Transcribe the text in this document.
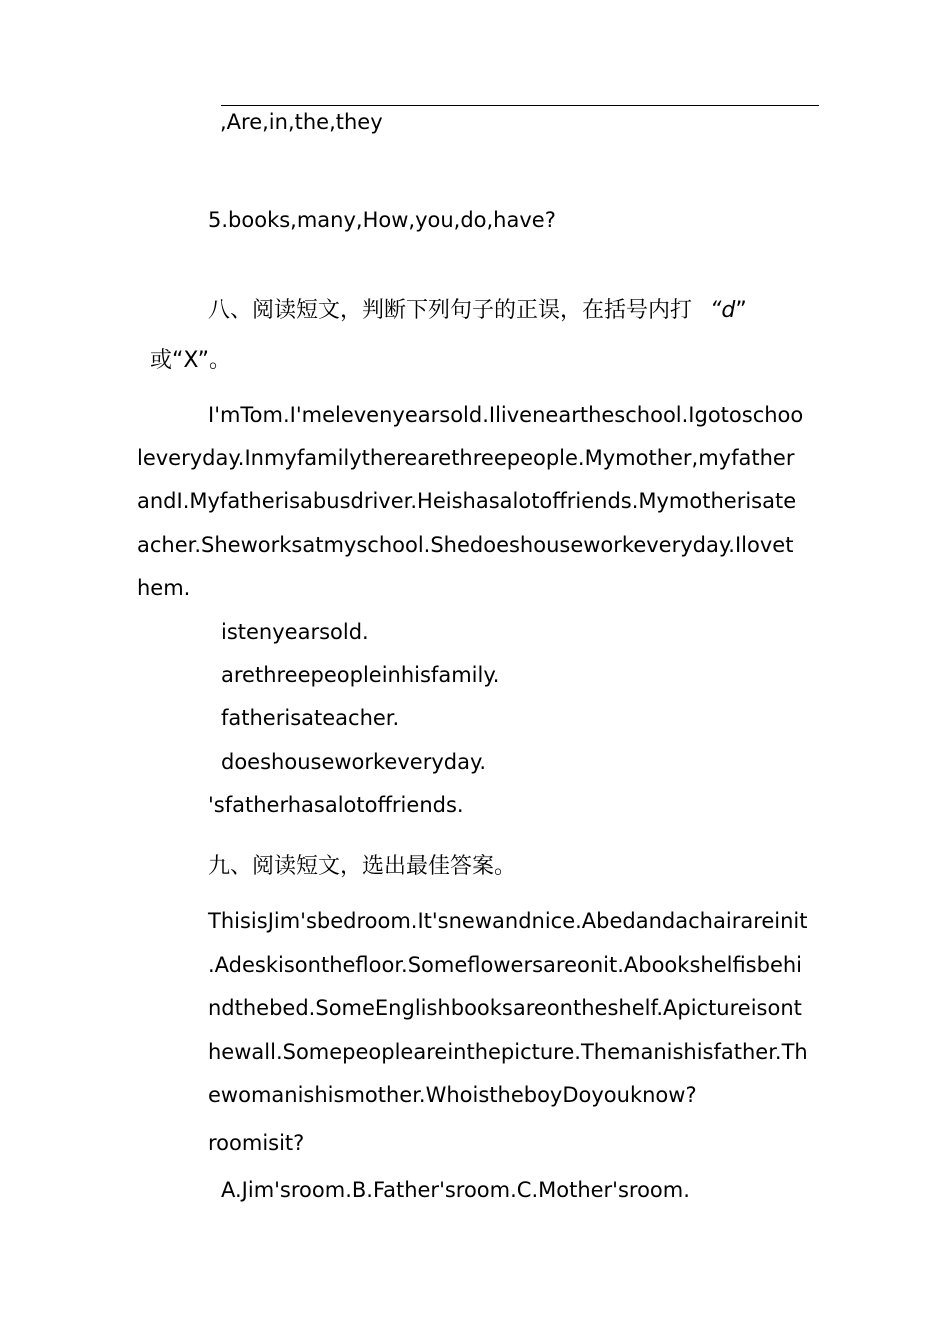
,Are,in,the,they
5.books,many,How,you,do,have?
八、阅读短文，判断下列句子的正误，在括号内打 “d”
或“X”。
I'mTom.I'melevenyearsold.Iliveneartheschool.Igotoschoo
leveryday.Inmyfamilytherearethreepeople.Mymother,myfather
andI.Myfatherisabusdriver.Heishasalotoffriends.Mymotherisate
acher.Sheworksatmyschool.Shedoeshouseworkeveryday.Ilovet
hem.
istenyearsold.
arethreepeopleinhisfamily.
fatherisateacher.
doeshouseworkeveryday.
'sfatherhasalotoffriends.
九、阅读短文，选出最佳答案。
ThisisJim'sbedroom.It'snewandnice.Abedandachairareinit
.Adeskisonthefloor.Someflowersareonit.Abookshelfisbehi
ndthebed.SomeEnglishbooksareontheshelf.Apictureisont
hewall.Somepeopleareinthepicture.Themanishisfather.Th
ewomanishismother.WhoistheboyDoyouknow?
roomisit?
A.Jim'sroom.B.Father'sroom.C.Mother'sroom.
